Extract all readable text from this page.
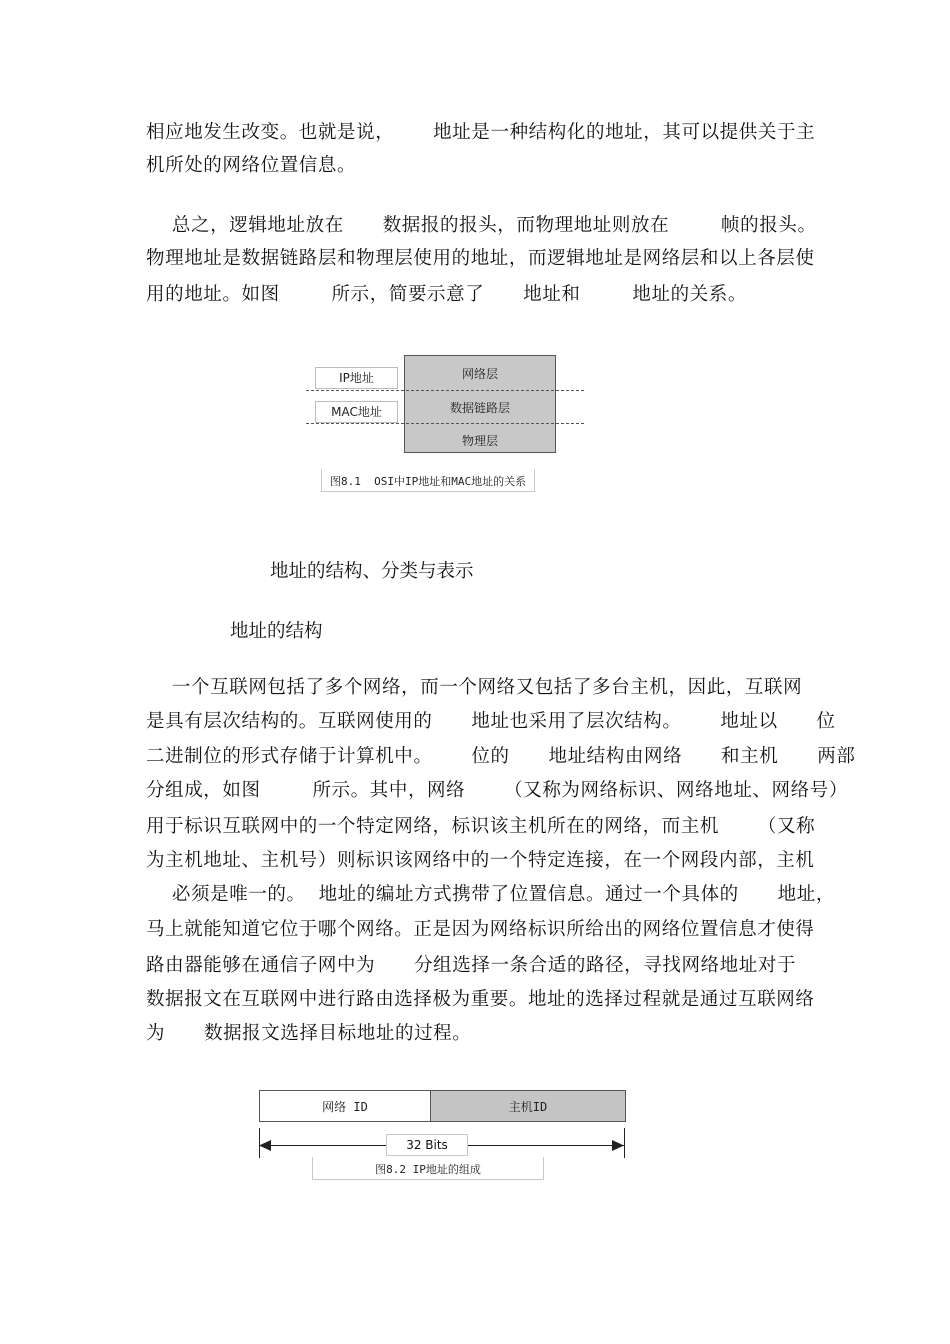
相应地发生改变。也就是说，      地址是一种结构化的地址，其可以提供关于主
机所处的网络位置信息。
总之，逻辑地址放在      数据报的报头，而物理地址则放在        帧的报头。
物理地址是数据链路层和物理层使用的地址，而逻辑地址是网络层和以上各层使
用的地址。如图        所示，简要示意了      地址和        地址的关系。
IP地址
MAC地址
网络层
数据链路层
物理层
图8.1  OSI中IP地址和MAC地址的关系
地址的结构、分类与表示
地址的结构
一个互联网包括了多个网络，而一个网络又包括了多台主机，因此，互联网
是具有层次结构的。互联网使用的      地址也采用了层次结构。      地址以      位
二进制位的形式存储于计算机中。      位的      地址结构由网络      和主机      两部
分组成，如图        所示。其中，网络      （又称为网络标识、网络地址、网络号）
用于标识互联网中的一个特定网络，标识该主机所在的网络，而主机      （又称
为主机地址、主机号）则标识该网络中的一个特定连接，在一个网段内部，主机
必须是唯一的。  地址的编址方式携带了位置信息。通过一个具体的      地址，
马上就能知道它位于哪个网络。正是因为网络标识所给出的网络位置信息才使得
路由器能够在通信子网中为      分组选择一条合适的路径，寻找网络地址对于
数据报文在互联网中进行路由选择极为重要。地址的选择过程就是通过互联网络
为      数据报文选择目标地址的过程。
网络 ID	主机ID
32 Bits
图8.2 IP地址的组成
